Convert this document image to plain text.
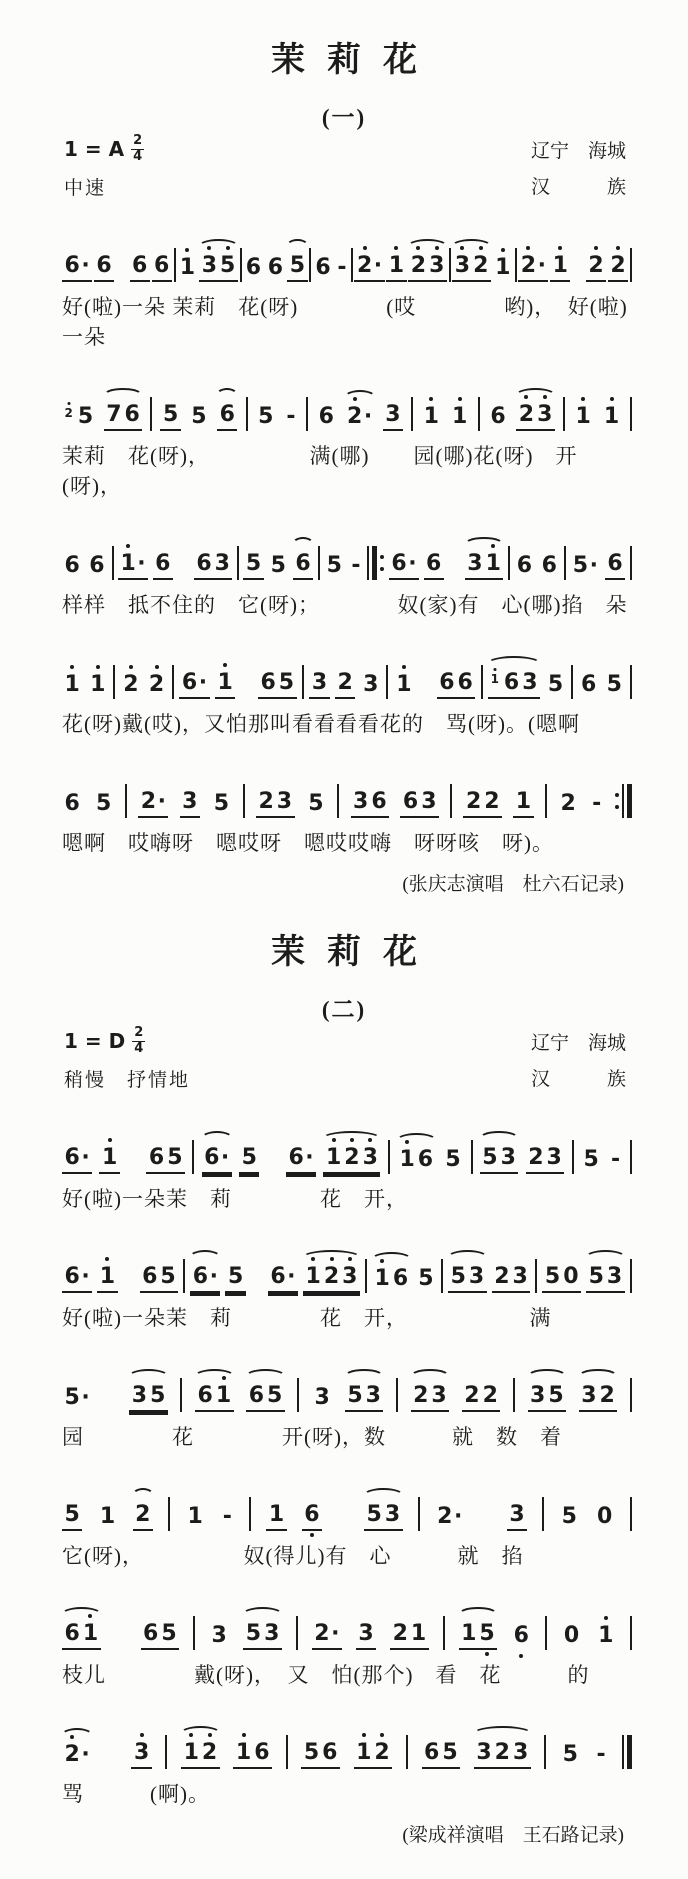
茉莉花
(一)
1 = A $\frac{2}{4}$
中速
辽宁　海城
汉　　　族
6 · 6 6 6 1 3 5 6 6 5 6 - 2 · 1 2 3 3 2 1 2 · 1 2 2
好(啦)一朵 茉莉　花(呀)　　　　(哎　　　　哟)，　好(啦)一朵
2 5 7 6 5 5 6 5 - 6 2 · 3 1 1 6 2 3 1 1
茉莉　花(呀)，　　　　　满(哪)　　园(哪)花(呀)　开(呀)，
6 6 1 · 6 6 3 5 5 6 5 - 6 · 6 3 1 6 6 5 · 6
样样　抵不住的　它(呀)；　　　　奴(家)有　心(哪)掐　朵
1 1 2 2 6 · 1 6 5 3 2 3 1 6 6 1 6 3 5 6 5
花(呀)戴(哎)，又怕那叫看看看看花的　骂(呀)。(嗯啊
6 5 2 · 3 5 2 3 5 3 6 6 3 2 2 1 2 -
嗯啊　哎嗨呀　嗯哎呀　嗯哎哎嗨　呀呀咳　呀)。
(张庆志演唱　杜六石记录)
茉莉花
(二)
1 = D $\frac{2}{4}$
稍慢　抒情地
辽宁　海城
汉　　　族
6 · 1 6 5 6 · 5 6 · 1 2 3 1 6 5 5 3 2 3 5 -
好(啦)一朵茉　莉　　　　花　开，
6 · 1 6 5 6 · 5 6 · 1 2 3 1 6 5 5 3 2 3 5 0 5 3
好(啦)一朵茉　莉　　　　花　开，　　　　　　满
5 · 3 5 6 1 6 5 3 5 3 2 3 2 2 3 5 3 2
园　　　　花　　　　开(呀)，数　　　就　数　着
5 1 2 1 - 1 6 5 3 2 · 3 5 0
它(呀)，　　　　　奴(得儿)有　心　　　就　掐
6 1 6 5 3 5 3 2 · 3 2 1 1 5 6 0 1
枝儿　　　　戴(呀)，　又　怕(那个)　看　花　　　的
2 · 3 1 2 1 6 5 6 1 2 6 5 3 2 3 5 -
骂　　　(啊)。
(梁成祥演唱　王石路记录)
